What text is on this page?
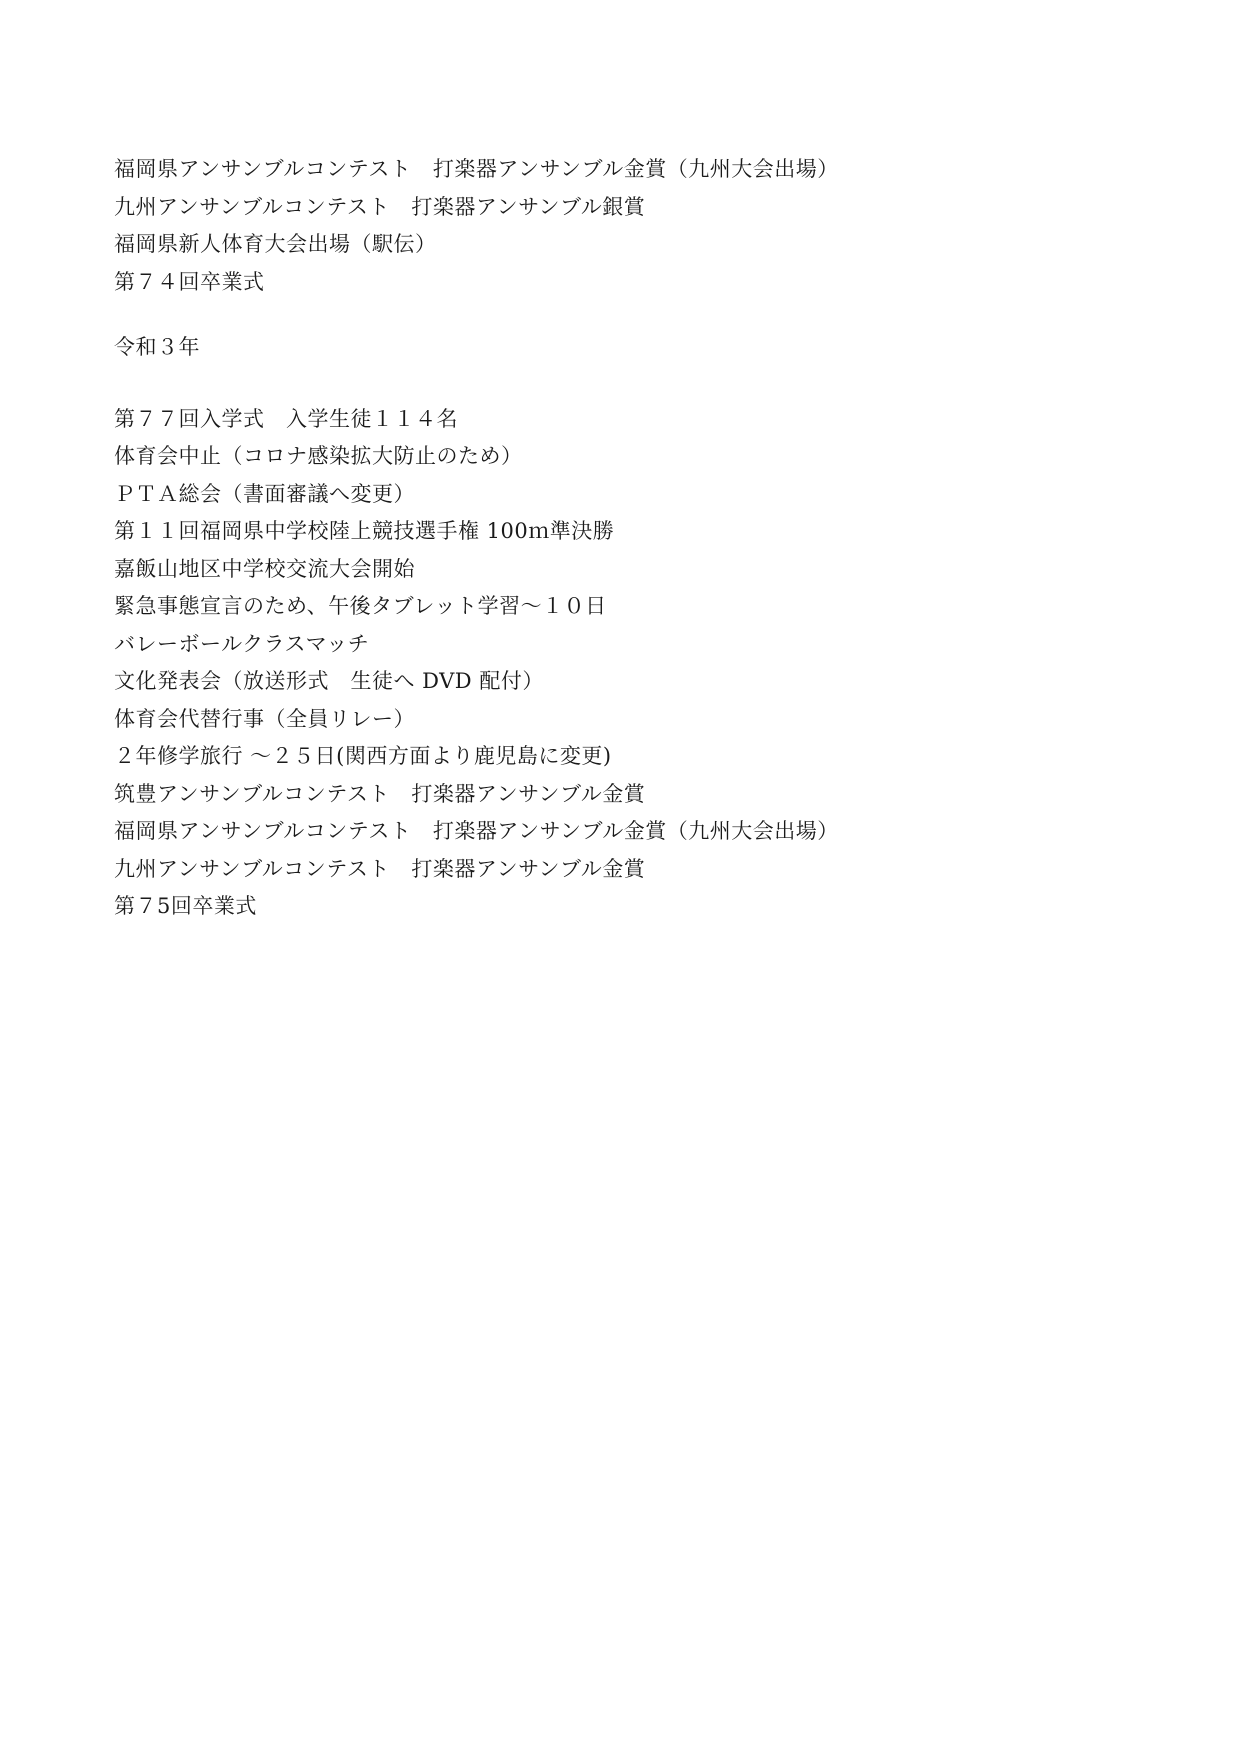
福岡県アンサンブルコンテスト　打楽器アンサンブル金賞（九州大会出場）
九州アンサンブルコンテスト　打楽器アンサンブル銀賞
福岡県新人体育大会出場（駅伝）
第７４回卒業式
令和３年
第７７回入学式　入学生徒１１４名
体育会中止（コロナ感染拡大防止のため）
ＰＴＡ総会（書面審議へ変更）
第１１回福岡県中学校陸上競技選手権 100ｍ準決勝
嘉飯山地区中学校交流大会開始
緊急事態宣言のため、午後タブレット学習～１０日
バレーボールクラスマッチ
文化発表会（放送形式　生徒へ DVD 配付）
体育会代替行事（全員リレー）
２年修学旅行 ～２５日(関西方面より鹿児島に変更)
筑豊アンサンブルコンテスト　打楽器アンサンブル金賞
福岡県アンサンブルコンテスト　打楽器アンサンブル金賞（九州大会出場）
九州アンサンブルコンテスト　打楽器アンサンブル金賞
第７5回卒業式
